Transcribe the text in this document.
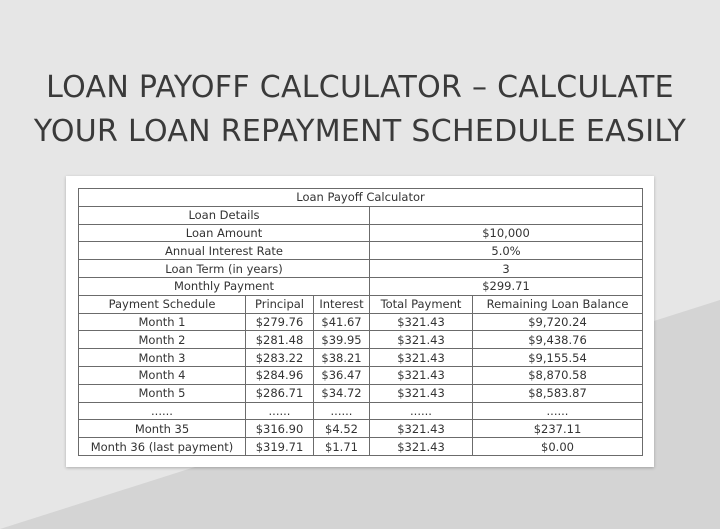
LOAN PAYOFF CALCULATOR – CALCULATE
YOUR LOAN REPAYMENT SCHEDULE EASILY
Loan Payoff Calculator				
Loan Details				
Loan Amount			$10,000	
Annual Interest Rate			5.0%	
Loan Term (in years)			3	
Monthly Payment			$299.71	
Payment Schedule	Principal	Interest	Total Payment	Remaining Loan Balance
Month 1	$279.76	$41.67	$321.43	$9,720.24
Month 2	$281.48	$39.95	$321.43	$9,438.76
Month 3	$283.22	$38.21	$321.43	$9,155.54
Month 4	$284.96	$36.47	$321.43	$8,870.58
Month 5	$286.71	$34.72	$321.43	$8,583.87
......	......	......	......	......
Month 35	$316.90	$4.52	$321.43	$237.11
Month 36 (last payment)	$319.71	$1.71	$321.43	$0.00
